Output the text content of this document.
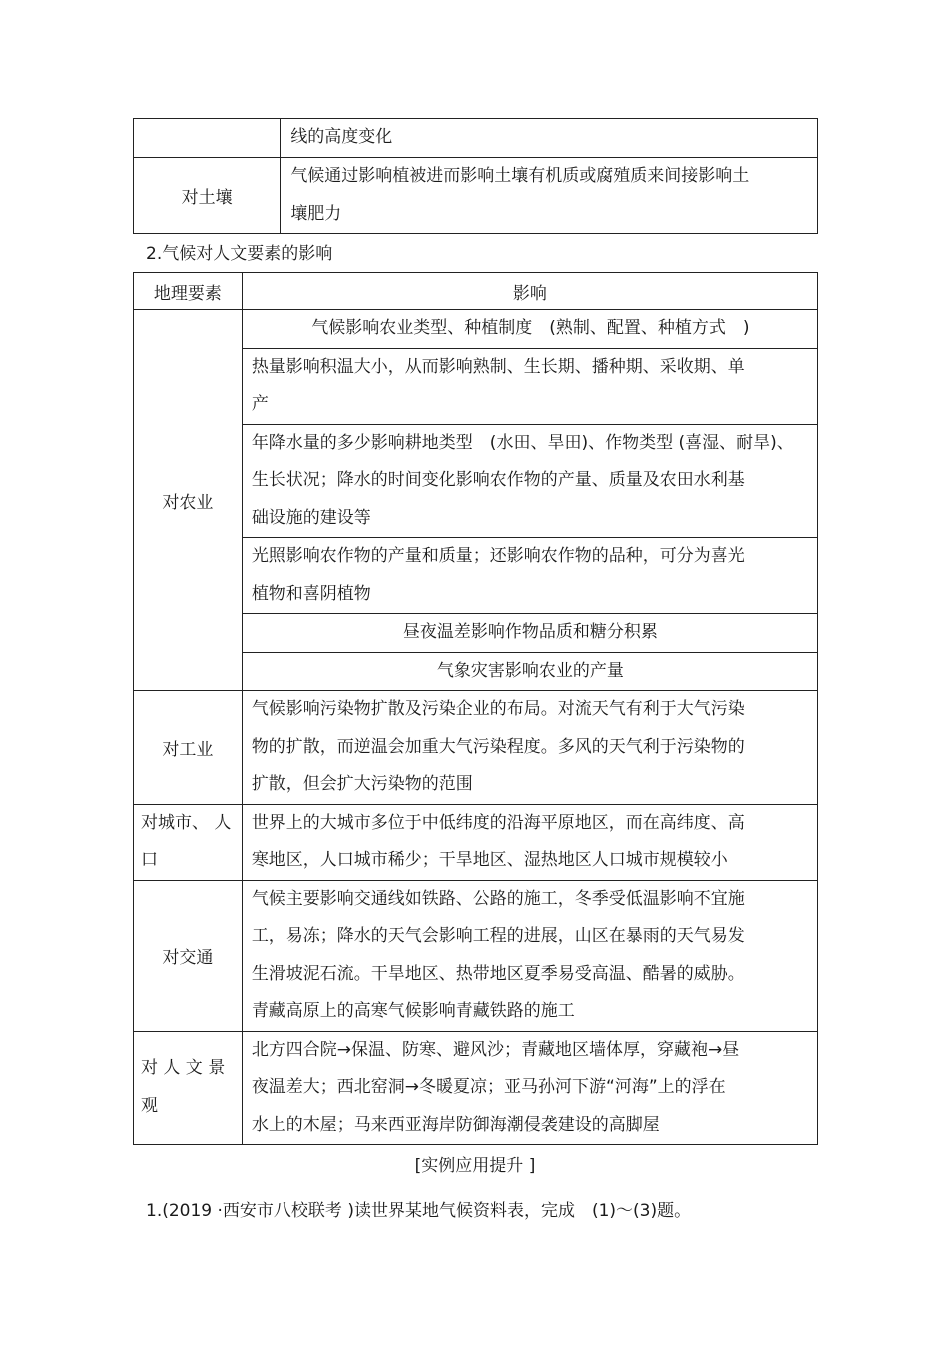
	线的高度变化

对土壤	气候通过影响植被进而影响土壤有机质或腐殖质来间接影响土
壤肥力
2.气候对人文要素的影响
地理要素	影响
对农业	气候影响农业类型、种植制度　(熟制、配置、种植方式　)

	热量影响积温大小，从而影响熟制、生长期、播种期、采收期、单
产

	年降水量的多少影响耕地类型　(水田、旱田)、作物类型 (喜湿、耐旱)、
生长状况；降水的时间变化影响农作物的产量、质量及农田水利基
础设施的建设等

	光照影响农作物的产量和质量；还影响农作物的品种，可分为喜光
植物和喜阴植物

	昼夜温差影响作物品质和糖分积累

	气象灾害影响农业的产量

对工业	气候影响污染物扩散及污染企业的布局。对流天气有利于大气污染
物的扩散，而逆温会加重大气污染程度。多风的天气利于污染物的
扩散，但会扩大污染物的范围

对城市、 人
口	世界上的大城市多位于中低纬度的沿海平原地区，而在高纬度、高
寒地区，人口城市稀少；干旱地区、湿热地区人口城市规模较小

对交通	气候主要影响交通线如铁路、公路的施工，冬季受低温影响不宜施
工，易冻；降水的天气会影响工程的进展，山区在暴雨的天气易发
生滑坡泥石流。干旱地区、热带地区夏季易受高温、酷暑的威胁。
青藏高原上的高寒气候影响青藏铁路的施工

对 人 文 景
观	北方四合院→保温、防寒、避风沙；青藏地区墙体厚，穿藏袍→昼
夜温差大；西北窑洞→冬暖夏凉；亚马孙河下游“河海”上的浮在
水上的木屋；马来西亚海岸防御海潮侵袭建设的高脚屋
[实例应用提升 ]
1.(2019 ·西安市八校联考 )读世界某地气候资料表，完成　(1)～(3)题。
